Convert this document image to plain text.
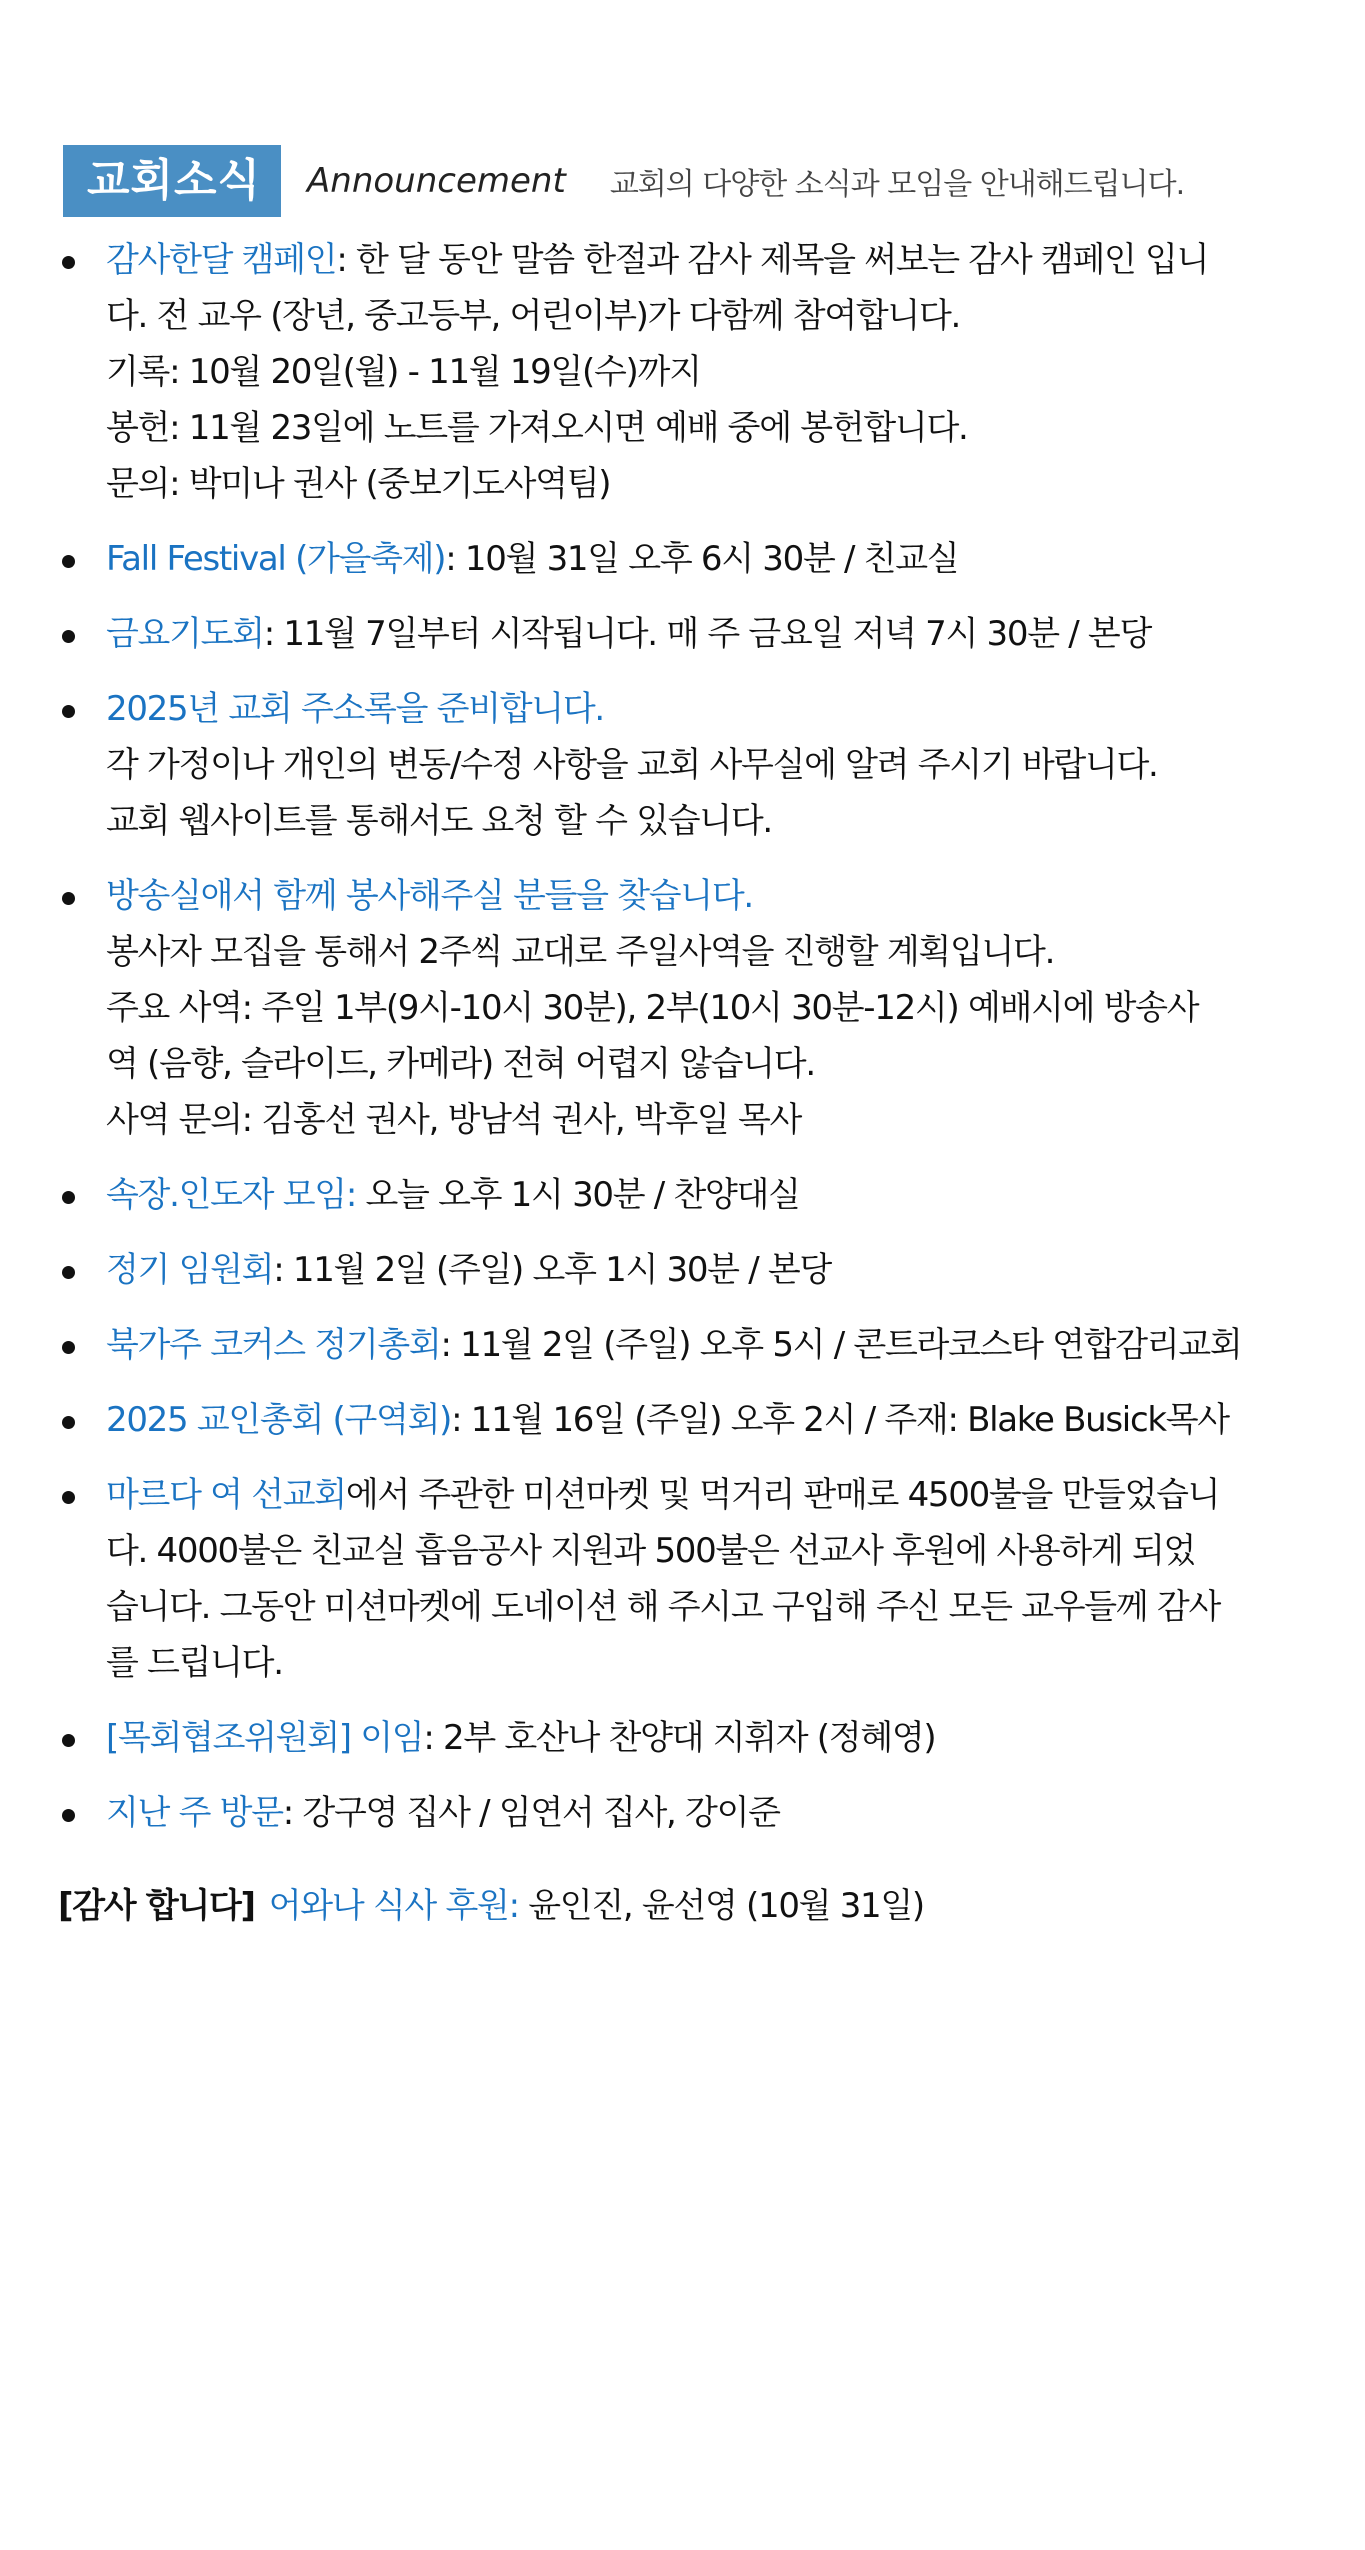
교회소식	Announcement 교회의 다양한 소식과 모임을 안내해드립니다.
감사한달 캠페인: 한 달 동안 말씀 한절과 감사 제목을 써보는 감사 캠페인 입니
다. 전 교우 (장년, 중고등부, 어린이부)가 다함께 참여합니다.
기록: 10월 20일(월) - 11월 19일(수)까지
봉헌: 11월 23일에 노트를 가져오시면 예배 중에 봉헌합니다.
문의: 박미나 권사 (중보기도사역팀)
Fall Festival (가을축제): 10월 31일 오후 6시 30분 / 친교실
금요기도회: 11월 7일부터 시작됩니다. 매 주 금요일 저녁 7시 30분 / 본당
2025년 교회 주소록을 준비합니다.
각 가정이나 개인의 변동/수정 사항을 교회 사무실에 알려 주시기 바랍니다.
교회 웹사이트를 통해서도 요청 할 수 있습니다.
방송실애서 함께 봉사해주실 분들을 찾습니다.
봉사자 모집을 통해서 2주씩 교대로 주일사역을 진행할 계획입니다.
주요 사역: 주일 1부(9시-10시 30분), 2부(10시 30분-12시) 예배시에 방송사
역 (음향, 슬라이드, 카메라) 전혀 어렵지 않습니다.
사역 문의: 김홍선 권사, 방남석 권사, 박후일 목사
속장.인도자 모임: 오늘 오후 1시 30분 / 찬양대실
정기 임원회: 11월 2일 (주일) 오후 1시 30분 / 본당
북가주 코커스 정기총회: 11월 2일 (주일) 오후 5시 / 콘트라코스타 연합감리교회
2025 교인총회 (구역회): 11월 16일 (주일) 오후 2시 / 주재: Blake Busick목사
마르다 여 선교회에서 주관한 미션마켓 및 먹거리 판매로 4500불을 만들었습니
다. 4000불은 친교실 흡음공사 지원과 500불은 선교사 후원에 사용하게 되었
습니다. 그동안 미션마켓에 도네이션 해 주시고 구입해 주신 모든 교우들께 감사
를 드립니다.
[목회협조위원회] 이임: 2부 호산나 찬양대 지휘자 (정혜영)
지난 주 방문: 강구영 집사 / 임연서 집사, 강이준
[감사 합니다] 어와나 식사 후원: 윤인진, 윤선영 (10월 31일)
